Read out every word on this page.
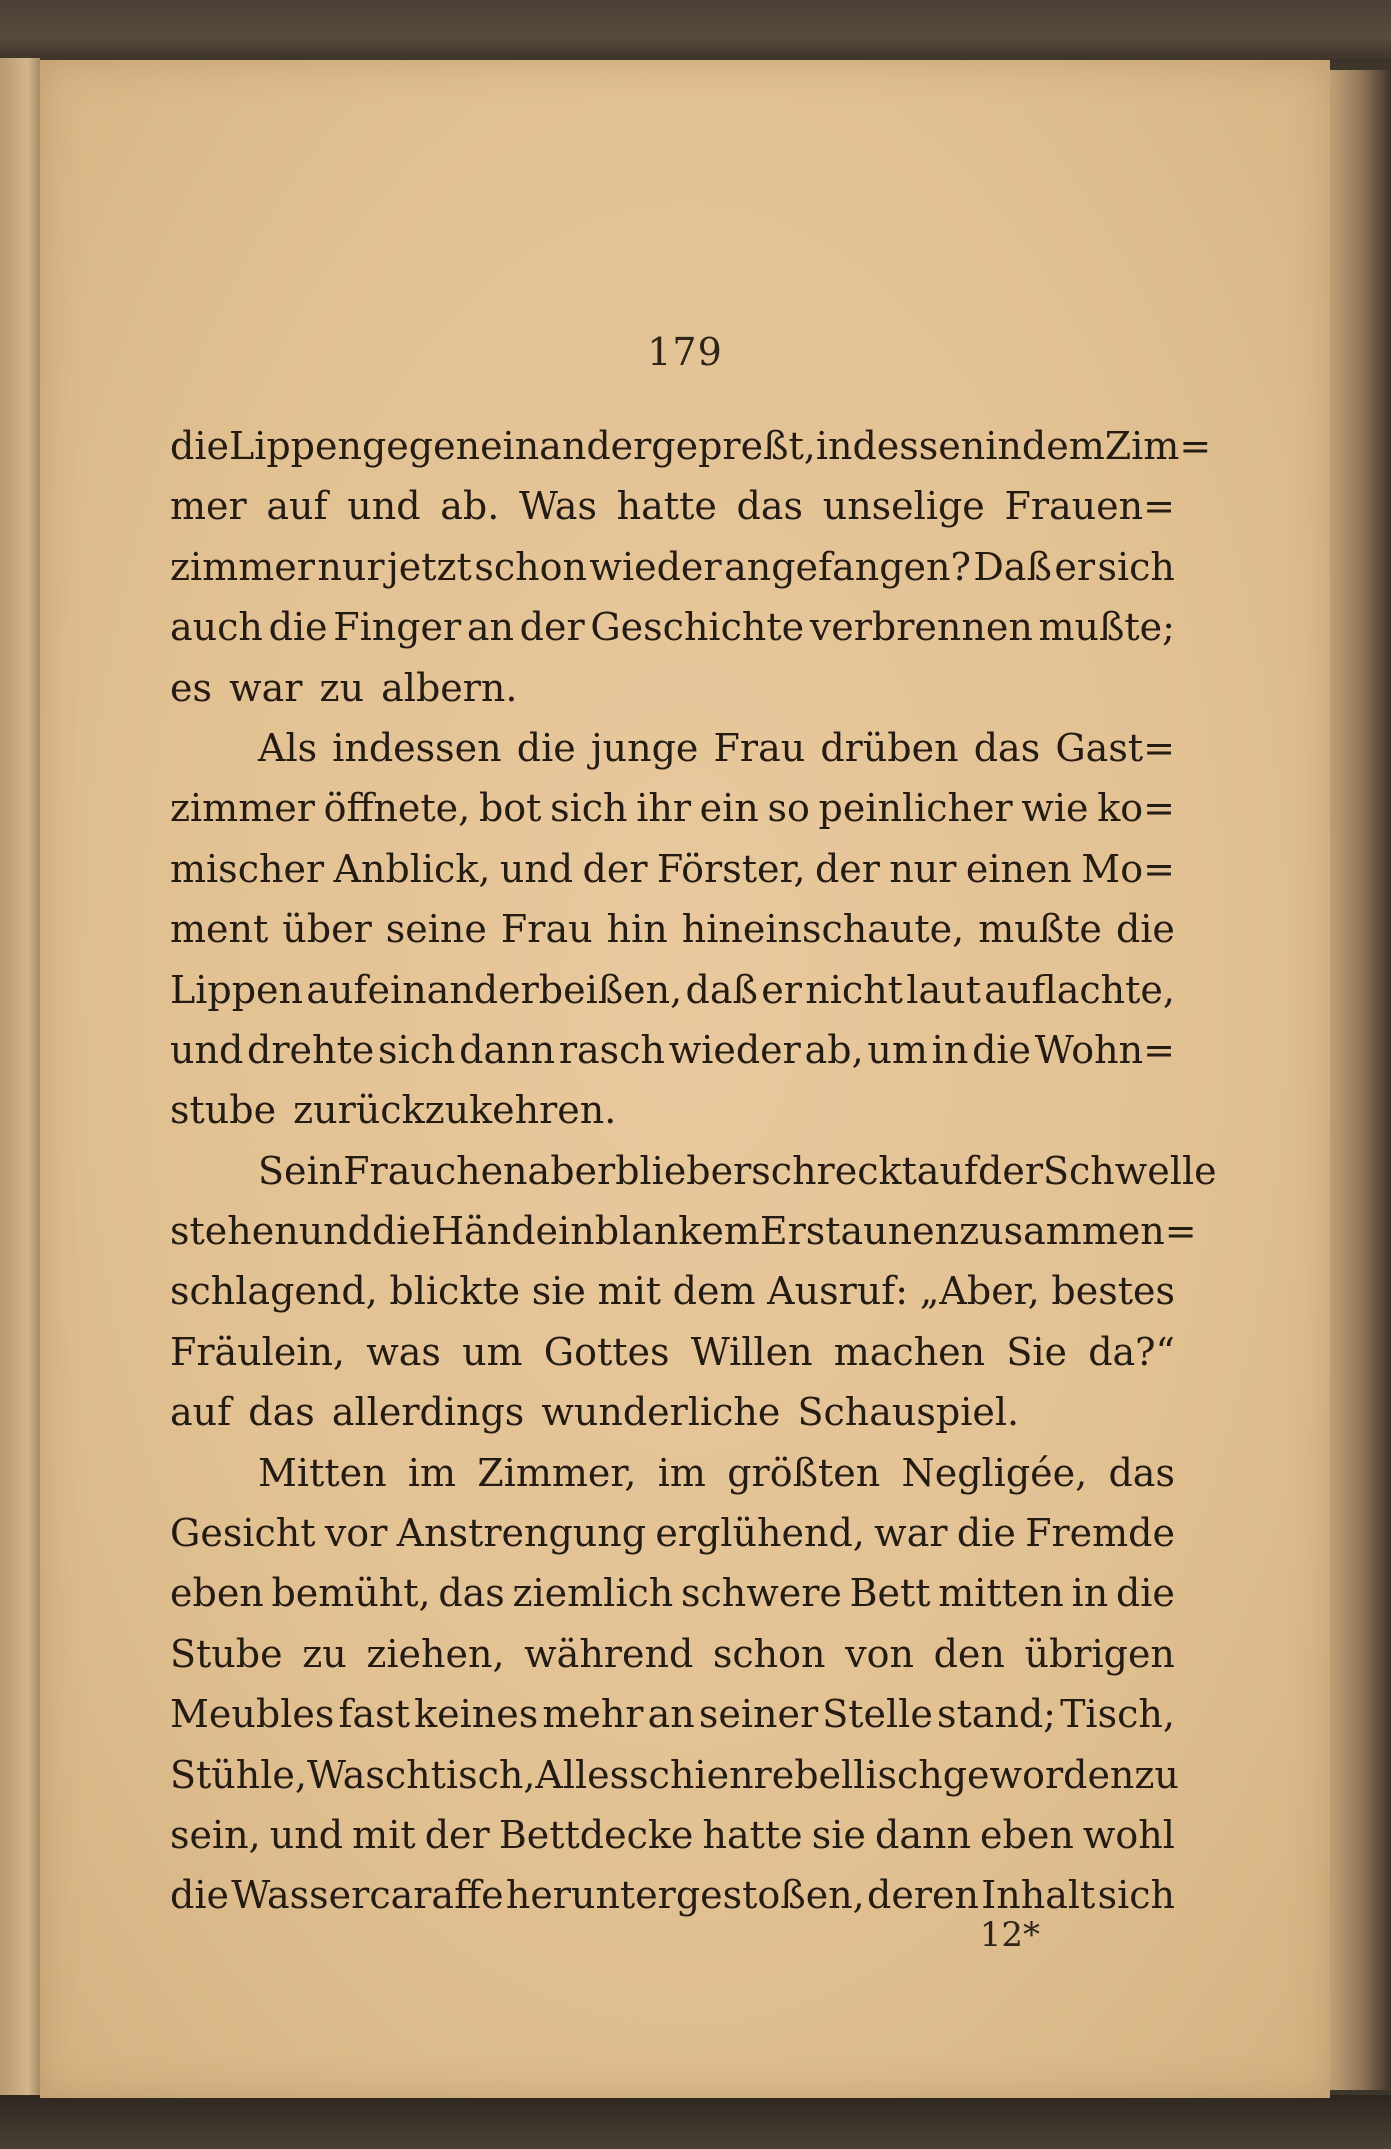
179
die Lippen gegeneinander gepreßt, indessen in dem Zim=
mer auf und ab. Was hatte das unselige Frauen=
zimmer nur jetzt schon wieder angefangen? Daß er sich
auch die Finger an der Geschichte verbrennen mußte;
es war zu albern.
Als indessen die junge Frau drüben das Gast=
zimmer öffnete, bot sich ihr ein so peinlicher wie ko=
mischer Anblick, und der Förster, der nur einen Mo=
ment über seine Frau hin hineinschaute, mußte die
Lippen aufeinanderbeißen, daß er nicht laut auflachte,
und drehte sich dann rasch wieder ab, um in die Wohn=
stube zurückzukehren.
Sein Frauchen aber blieb erschreckt auf der Schwelle
stehen und die Hände in blankem Erstaunen zusammen=
schlagend, blickte sie mit dem Ausruf: „Aber, bestes
Fräulein, was um Gottes Willen machen Sie da?“
auf das allerdings wunderliche Schauspiel.
Mitten im Zimmer, im größten Negligée, das
Gesicht vor Anstrengung erglühend, war die Fremde
eben bemüht, das ziemlich schwere Bett mitten in die
Stube zu ziehen, während schon von den übrigen
Meubles fast keines mehr an seiner Stelle stand; Tisch,
Stühle, Waschtisch, Alles schien rebellisch geworden zu
sein, und mit der Bettdecke hatte sie dann eben wohl
die Wassercaraffe heruntergestoßen, deren Inhalt sich
12*
